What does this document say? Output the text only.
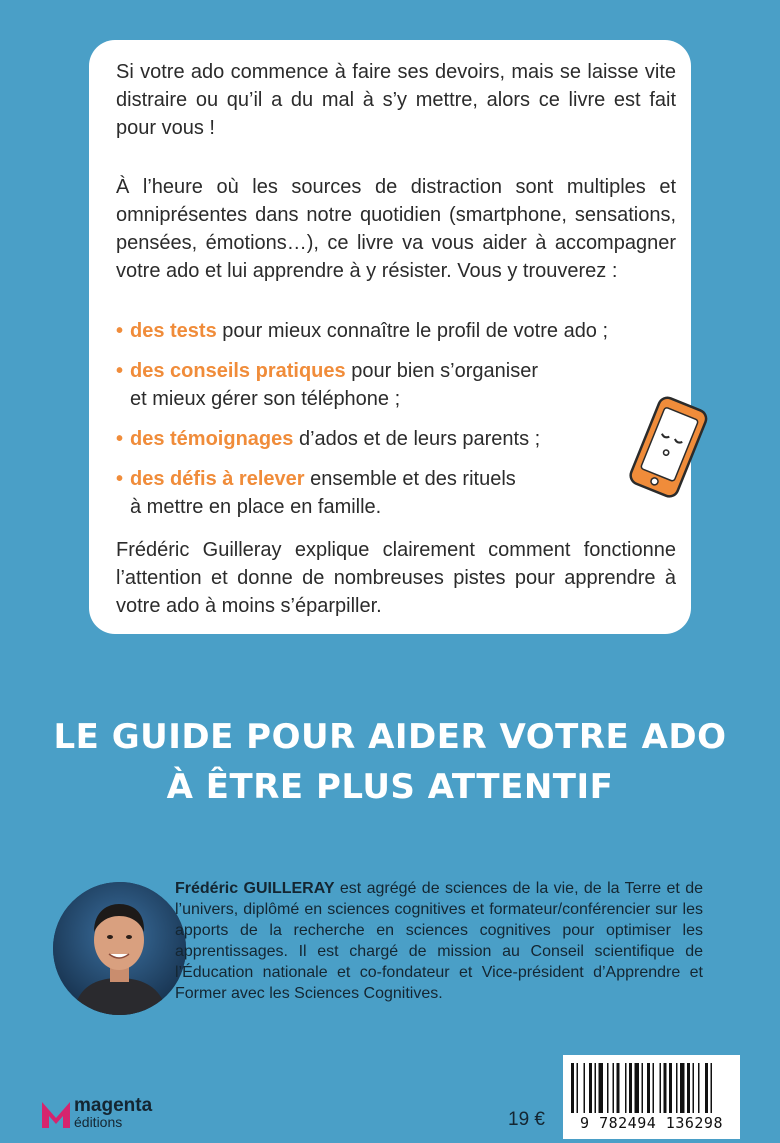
Si votre ado commence à faire ses devoirs, mais se laisse vite distraire ou qu’il a du mal à s’y mettre, alors ce livre est fait pour vous !

À l’heure où les sources de distraction sont multiples et omniprésentes dans notre quotidien (smartphone, sensations, pensées, émotions…), ce livre va vous aider à accompagner votre ado et lui apprendre à y résister. Vous y trouverez :

• des tests pour mieux connaître le profil de votre ado ;
• des conseils pratiques pour bien s’organiser et mieux gérer son téléphone ;
• des témoignages d’ados et de leurs parents ;
• des défis à relever ensemble et des rituels à mettre en place en famille.

Frédéric Guilleray explique clairement comment fonctionne l’attention et donne de nombreuses pistes pour apprendre à votre ado à moins s’éparpiller.

LE GUIDE POUR AIDER VOTRE ADO
À ÊTRE PLUS ATTENTIF
Frédéric GUILLERAY est agrégé de sciences de la vie, de la Terre et de l’univers, diplômé en sciences cognitives et formateur/conférencier sur les apports de la recherche en sciences cognitives pour optimiser les apprentissages. Il est chargé de mission au Conseil scientifique de l’Éducation nationale et co-fondateur et Vice-président d’Apprendre et Former avec les Sciences Cognitives.
magenta
éditions	19 €	9 782494 136298
